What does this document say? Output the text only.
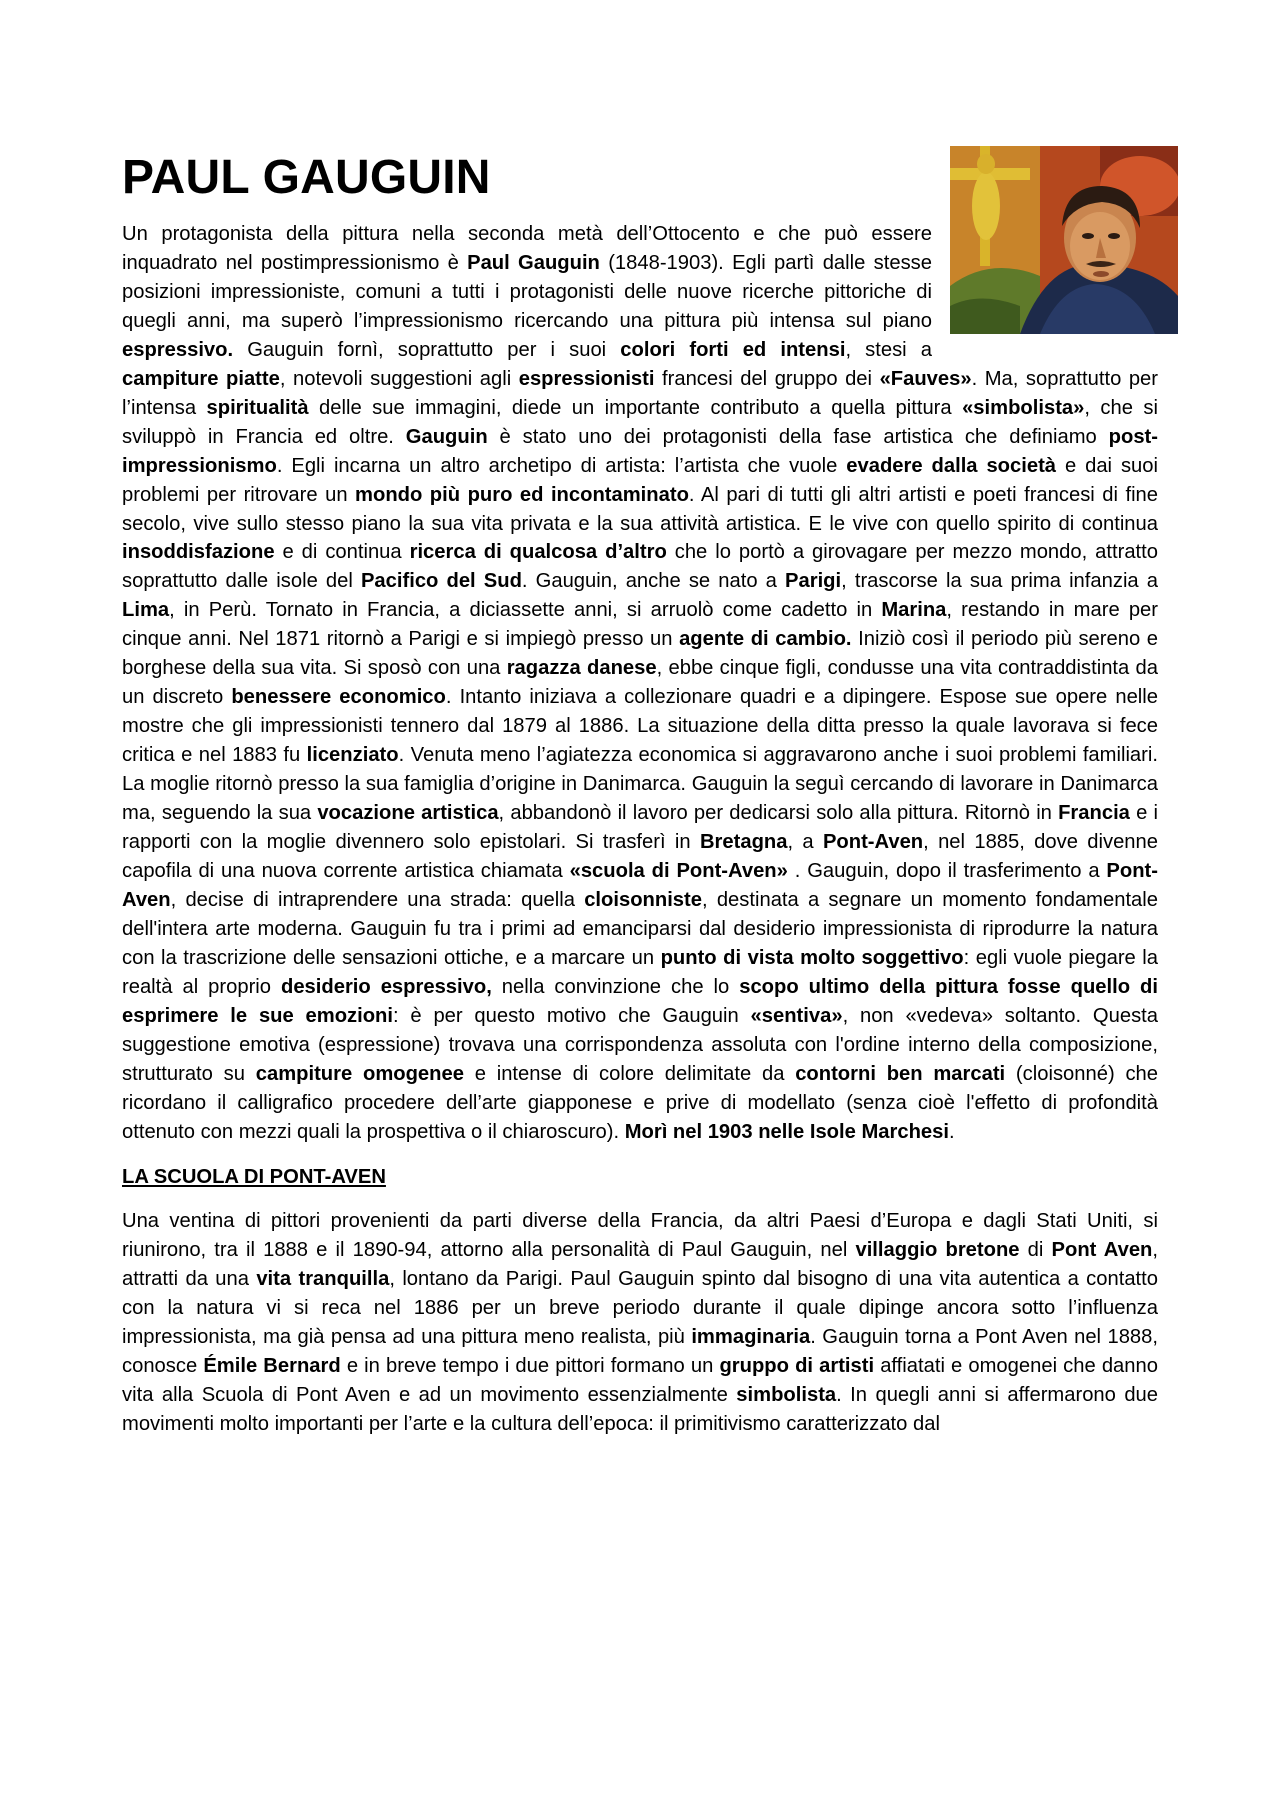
PAUL GAUGUIN

Un protagonista della pittura nella seconda metà dell’Ottocento e che può essere inquadrato nel postimpressionismo è Paul Gauguin (1848-1903). Egli partì dalle stesse posizioni impressioniste, comuni a tutti i protagonisti delle nuove ricerche pittoriche di quegli anni, ma superò l’impressionismo ricercando una pittura più intensa sul piano espressivo. Gauguin fornì, soprattutto per i suoi colori forti ed intensi, stesi a campiture piatte, notevoli suggestioni agli espressionisti francesi del gruppo dei «Fauves». Ma, soprattutto per l’intensa spiritualità delle sue immagini, diede un importante contributo a quella pittura «simbolista», che si sviluppò in Francia ed oltre. Gauguin è stato uno dei protagonisti della fase artistica che definiamo post-impressionismo. Egli incarna un altro archetipo di artista: l’artista che vuole evadere dalla società e dai suoi problemi per ritrovare un mondo più puro ed incontaminato. Al pari di tutti gli altri artisti e poeti francesi di fine secolo, vive sullo stesso piano la sua vita privata e la sua attività artistica. E le vive con quello spirito di continua insoddisfazione e di continua ricerca di qualcosa d’altro che lo portò a girovagare per mezzo mondo, attratto soprattutto dalle isole del Pacifico del Sud. Gauguin, anche se nato a Parigi, trascorse la sua prima infanzia a Lima, in Perù. Tornato in Francia, a diciassette anni, si arruolò come cadetto in Marina, restando in mare per cinque anni. Nel 1871 ritornò a Parigi e si impiegò presso un agente di cambio. Iniziò così il periodo più sereno e borghese della sua vita. Si sposò con una ragazza danese, ebbe cinque figli, condusse una vita contraddistinta da un discreto benessere economico. Intanto iniziava a collezionare quadri e a dipingere. Espose sue opere nelle mostre che gli impressionisti tennero dal 1879 al 1886. La situazione della ditta presso la quale lavorava si fece critica e nel 1883 fu licenziato. Venuta meno l’agiatezza economica si aggravarono anche i suoi problemi familiari. La moglie ritornò presso la sua famiglia d’origine in Danimarca. Gauguin la seguì cercando di lavorare in Danimarca ma, seguendo la sua vocazione artistica, abbandonò il lavoro per dedicarsi solo alla pittura. Ritornò in Francia e i rapporti con la moglie divennero solo epistolari. Si trasferì in Bretagna, a Pont-Aven, nel 1885, dove divenne capofila di una nuova corrente artistica chiamata «scuola di Pont-Aven» . Gauguin, dopo il trasferimento a Pont-Aven, decise di intraprendere una strada: quella cloisonniste, destinata a segnare un momento fondamentale dell'intera arte moderna. Gauguin fu tra i primi ad emanciparsi dal desiderio impressionista di riprodurre la natura con la trascrizione delle sensazioni ottiche, e a marcare un punto di vista molto soggettivo: egli vuole piegare la realtà al proprio desiderio espressivo, nella convinzione che lo scopo ultimo della pittura fosse quello di esprimere le sue emozioni: è per questo motivo che Gauguin «sentiva», non «vedeva» soltanto. Questa suggestione emotiva (espressione) trovava una corrispondenza assoluta con l'ordine interno della composizione, strutturato su campiture omogenee e intense di colore delimitate da contorni ben marcati (cloisonné) che ricordano il calligrafico procedere dell’arte giapponese e prive di modellato (senza cioè l'effetto di profondità ottenuto con mezzi quali la prospettiva o il chiaroscuro). Morì nel 1903 nelle Isole Marchesi.

LA SCUOLA DI PONT-AVEN

Una ventina di pittori provenienti da parti diverse della Francia, da altri Paesi d’Europa e dagli Stati Uniti, si riunirono, tra il 1888 e il 1890-94, attorno alla personalità di Paul Gauguin, nel villaggio bretone di Pont Aven, attratti da una vita tranquilla, lontano da Parigi. Paul Gauguin spinto dal bisogno di una vita autentica a contatto con la natura vi si reca nel 1886 per un breve periodo durante il quale dipinge ancora sotto l’influenza impressionista, ma già pensa ad una pittura meno realista, più immaginaria. Gauguin torna a Pont Aven nel 1888, conosce Émile Bernard e in breve tempo i due pittori formano un gruppo di artisti affiatati e omogenei che danno vita alla Scuola di Pont Aven e ad un movimento essenzialmente simbolista. In quegli anni si affermarono due movimenti molto importanti per l’arte e la cultura dell’epoca: il primitivismo caratterizzato dal
